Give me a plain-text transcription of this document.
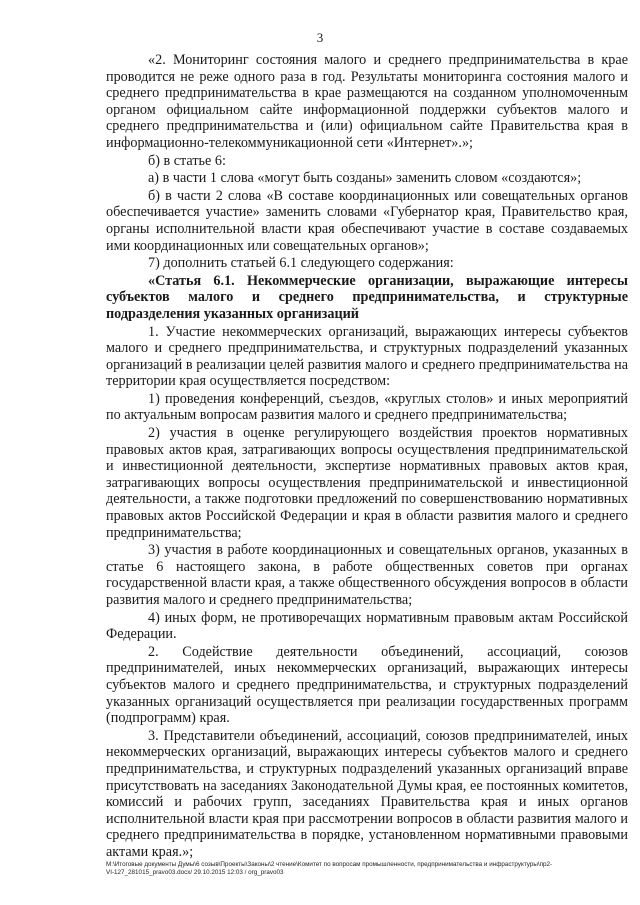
3

«2. Мониторинг состояния малого и среднего предпринимательства в крае проводится не реже одного раза в год. Результаты мониторинга состояния малого и среднего предпринимательства в крае размещаются на созданном уполномоченным органом официальном сайте информационной поддержки субъектов малого и среднего предпринимательства и (или) официальном сайте Правительства края в информационно-телекоммуникационной сети «Интернет».»;

б) в статье 6:

а) в части 1 слова «могут быть созданы» заменить словом «создаются»;

б) в части 2 слова «В составе координационных или совещательных органов обеспечивается участие» заменить словами «Губернатор края, Правительство края, органы исполнительной власти края обеспечивают участие в составе создаваемых ими координационных или совещательных органов»;

7) дополнить статьей 6.1 следующего содержания:

«Статья 6.1. Некоммерческие организации, выражающие интересы субъектов малого и среднего предпринимательства, и структурные подразделения указанных организаций

1. Участие некоммерческих организаций, выражающих интересы субъектов малого и среднего предпринимательства, и структурных подразделений указанных организаций в реализации целей развития малого и среднего предпринимательства на территории края осуществляется посредством:

1) проведения конференций, съездов, «круглых столов» и иных мероприятий по актуальным вопросам развития малого и среднего предпринимательства;

2) участия в оценке регулирующего воздействия проектов нормативных правовых актов края, затрагивающих вопросы осуществления предпринимательской и инвестиционной деятельности, экспертизе нормативных правовых актов края, затрагивающих вопросы осуществления предпринимательской и инвестиционной деятельности, а также подготовки предложений по совершенствованию нормативных правовых актов Российской Федерации и края в области развития малого и среднего предпринимательства;

3) участия в работе координационных и совещательных органов, указанных в статье 6 настоящего закона, в работе общественных советов при органах государственной власти края, а также общественного обсуждения вопросов в области развития малого и среднего предпринимательства;

4) иных форм, не противоречащих нормативным правовым актам Российской Федерации.

2. Содействие деятельности объединений, ассоциаций, союзов предпринимателей, иных некоммерческих организаций, выражающих интересы субъектов малого и среднего предпринимательства, и структурных подразделений указанных организаций осуществляется при реализации государственных программ (подпрограмм) края.

3. Представители объединений, ассоциаций, союзов предпринимателей, иных некоммерческих организаций, выражающих интересы субъектов малого и среднего предпринимательства, и структурных подразделений указанных организаций вправе присутствовать на заседаниях Законодательной Думы края, ее постоянных комитетов, комиссий и рабочих групп, заседаниях Правительства края и иных органов исполнительной власти края при рассмотрении вопросов в области развития малого и среднего предпринимательства в порядке, установленном нормативными правовыми актами края.»;

М:\Итоговые документы Думы\6 созыв\Проекты\Законы\2 чтение\Комитет по вопросам промышленности, предпринимательства и инфраструктуры\пр2-
VI-127_281015_pravo03.docx/ 29.10.2015 12:03 / org_pravo03
